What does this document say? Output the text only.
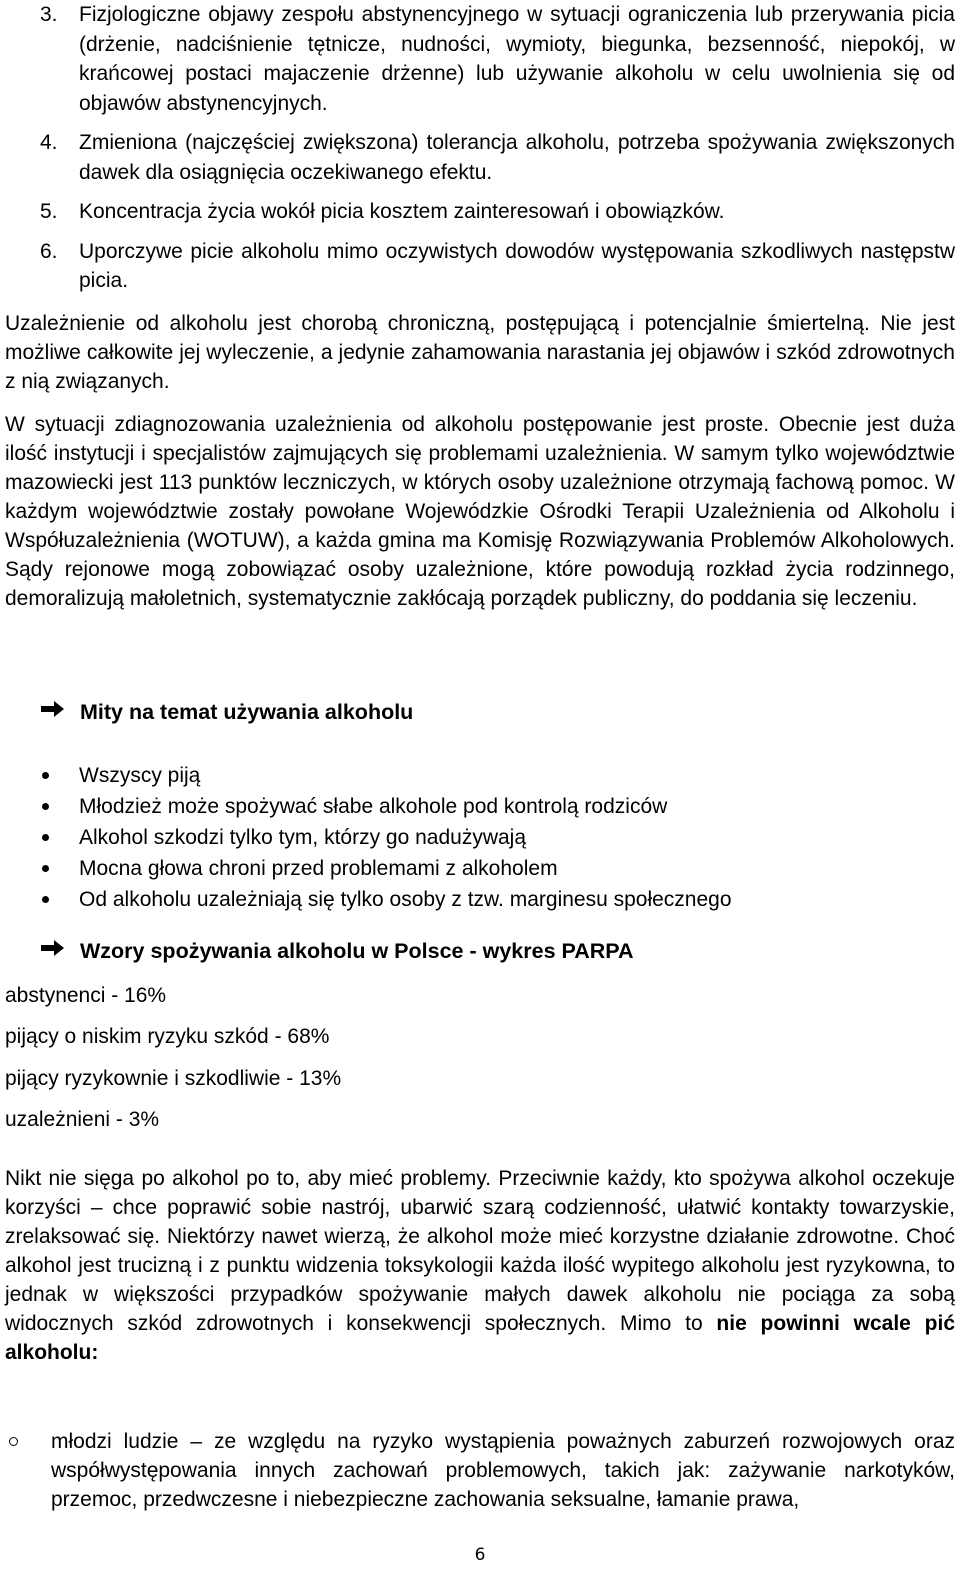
3. Fizjologiczne objawy zespołu abstynencyjnego w sytuacji ograniczenia lub przerywania picia (drżenie, nadciśnienie tętnicze, nudności, wymioty, biegunka, bezsenność, niepokój, w krańcowej postaci majaczenie drżenne) lub używanie alkoholu w celu uwolnienia się od objawów abstynencyjnych.

4. Zmieniona (najczęściej zwiększona) tolerancja alkoholu, potrzeba spożywania zwiększonych dawek dla osiągnięcia oczekiwanego efektu.

5. Koncentracja życia wokół picia kosztem zainteresowań i obowiązków.

6. Uporczywe picie alkoholu mimo oczywistych dowodów występowania szkodliwych następstw picia.

Uzależnienie od alkoholu jest chorobą chroniczną, postępującą i potencjalnie śmiertelną. Nie jest możliwe całkowite jej wyleczenie, a jedynie zahamowania narastania jej objawów i szkód zdrowotnych z nią związanych.

W sytuacji zdiagnozowania uzależnienia od alkoholu postępowanie jest proste. Obecnie jest duża ilość instytucji i specjalistów zajmujących się problemami uzależnienia. W samym tylko województwie mazowiecki jest 113 punktów leczniczych, w których osoby uzależnione otrzymają fachową pomoc. W każdym województwie zostały powołane Wojewódzkie Ośrodki Terapii Uzależnienia od Alkoholu i Współuzależnienia (WOTUW), a każda gmina ma Komisję Rozwiązywania Problemów Alkoholowych. Sądy rejonowe mogą zobowiązać osoby uzależnione, które powodują rozkład życia rodzinnego, demoralizują małoletnich, systematycznie zakłócają porządek publiczny, do poddania się leczeniu.

Mity na temat używania alkoholu
Wszyscy piją
Młodzież może spożywać słabe alkohole pod kontrolą rodziców
Alkohol szkodzi tylko tym, którzy go nadużywają
Mocna głowa chroni przed problemami z alkoholem
Od alkoholu uzależniają się tylko osoby z tzw. marginesu społecznego
Wzory spożywania alkoholu w Polsce - wykres PARPA

abstynenci - 16%

pijący o niskim ryzyku szkód - 68%

pijący ryzykownie i szkodliwie - 13%

uzależnieni - 3%

Nikt nie sięga po alkohol po to, aby mieć problemy. Przeciwnie każdy, kto spożywa alkohol oczekuje korzyści – chce poprawić sobie nastrój, ubarwić szarą codzienność, ułatwić kontakty towarzyskie, zrelaksować się. Niektórzy nawet wierzą, że alkohol może mieć korzystne działanie zdrowotne. Choć alkohol jest trucizną i z punktu widzenia toksykologii każda ilość wypitego alkoholu jest ryzykowna, to jednak w większości przypadków spożywanie małych dawek alkoholu nie pociąga za sobą widocznych szkód zdrowotnych i konsekwencji społecznych. Mimo to nie powinni wcale pić alkoholu:

młodzi ludzie – ze względu na ryzyko wystąpienia poważnych zaburzeń rozwojowych oraz współwystępowania innych zachowań problemowych, takich jak: zażywanie narkotyków, przemoc, przedwczesne i niebezpieczne zachowania seksualne, łamanie prawa,

6
